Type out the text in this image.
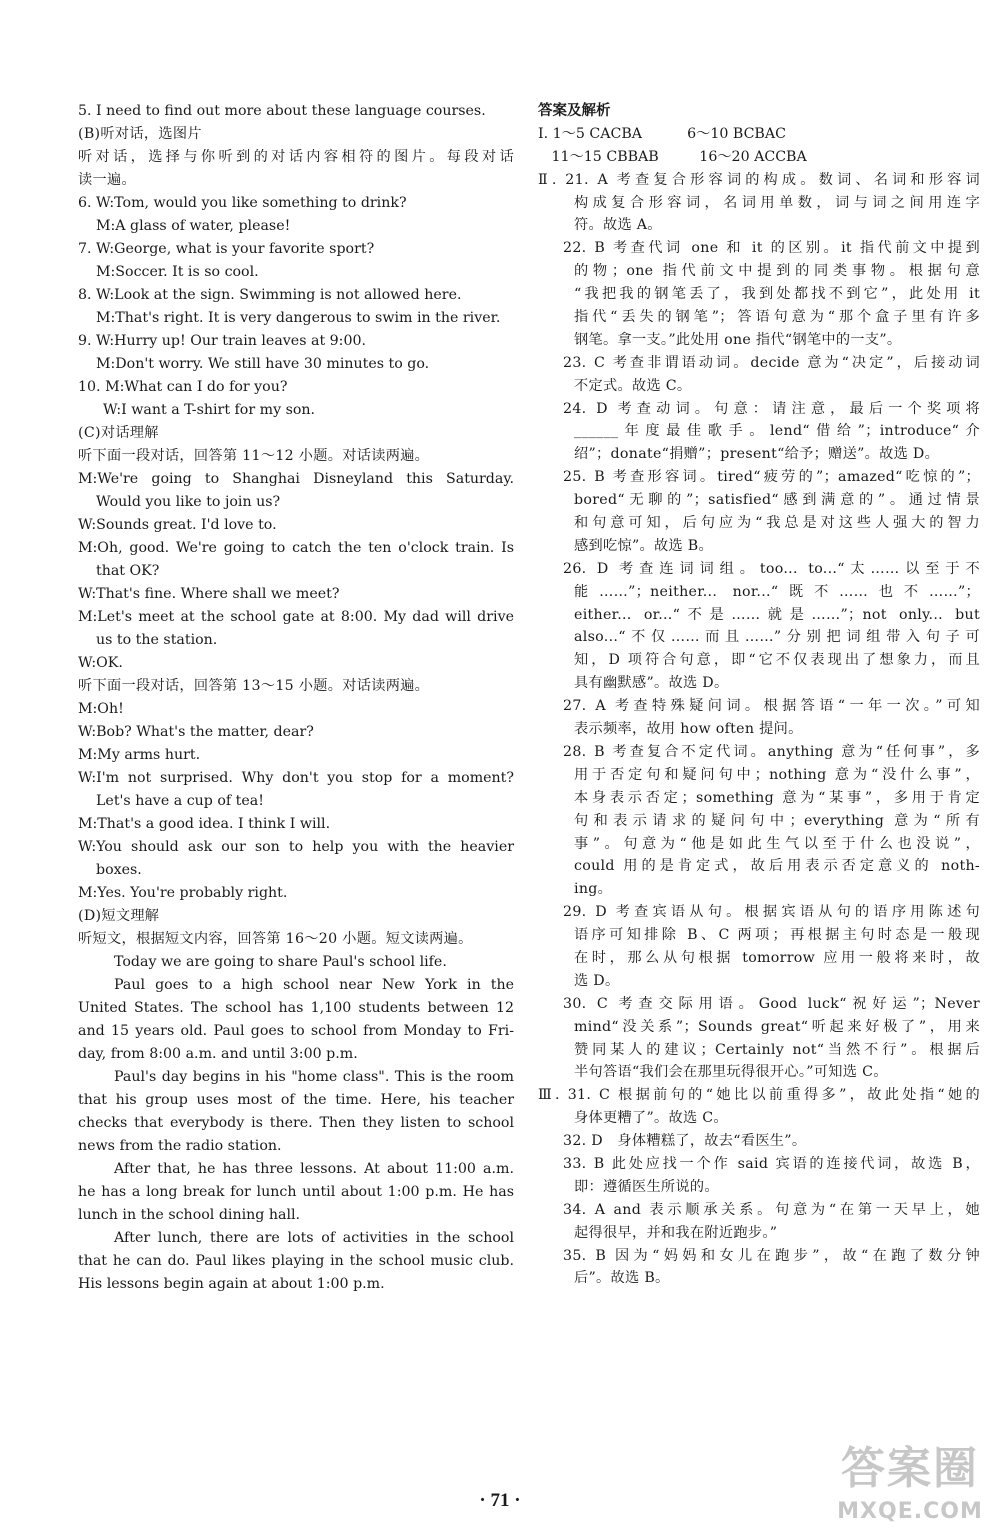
5. I need to find out more about these language courses.
(B)听对话，选图片
听对话，选择与你听到的对话内容相符的图片。每段对话
读一遍。
6. W:Tom, would you like something to drink?
M:A glass of water, please!
7. W:George, what is your favorite sport?
M:Soccer. It is so cool.
8. W:Look at the sign. Swimming is not allowed here.
M:That's right. It is very dangerous to swim in the river.
9. W:Hurry up! Our train leaves at 9:00.
M:Don't worry. We still have 30 minutes to go.
10. M:What can I do for you?
W:I want a T-shirt for my son.
(C)对话理解
听下面一段对话，回答第 11～12 小题。对话读两遍。
M:We're going to Shanghai Disneyland this Saturday.
Would you like to join us?
W:Sounds great. I'd love to.
M:Oh, good. We're going to catch the ten o'clock train. Is
that OK?
W:That's fine. Where shall we meet?
M:Let's meet at the school gate at 8:00. My dad will drive
us to the station.
W:OK.
听下面一段对话，回答第 13～15 小题。对话读两遍。
M:Oh!
W:Bob? What's the matter, dear?
M:My arms hurt.
W:I'm not surprised. Why don't you stop for a moment?
Let's have a cup of tea!
M:That's a good idea. I think I will.
W:You should ask our son to help you with the heavier
boxes.
M:Yes. You're probably right.
(D)短文理解
听短文，根据短文内容，回答第 16～20 小题。短文读两遍。
Today we are going to share Paul's school life.
Paul goes to a high school near New York in the
United States. The school has 1,100 students between 12
and 15 years old. Paul goes to school from Monday to Fri-
day, from 8:00 a.m. and until 3:00 p.m.
Paul's day begins in his "home class". This is the room
that his group uses most of the time. Here, his teacher
checks that everybody is there. Then they listen to school
news from the radio station.
After that, he has three lessons. At about 11:00 a.m.
he has a long break for lunch until about 1:00 p.m. He has
lunch in the school dining hall.
After lunch, there are lots of activities in the school
that he can do. Paul likes playing in the school music club.
His lessons begin again at about 1:00 p.m.
答案及解析
Ⅰ. 1～5 CACBA          6～10 BCBAC
11～15 CBBAB         16～20 ACCBA
Ⅱ. 21. A 考查复合形容词的构成。数词、名词和形容词
构成复合形容词，名词用单数，词与词之间用连字
符。故选 A。
22. B 考查代词 one 和 it 的区别。it 指代前文中提到
的物；one 指代前文中提到的同类事物。根据句意
“我把我的钢笔丢了，我到处都找不到它”，此处用 it
指代“丢失的钢笔”；答语句意为“那个盒子里有许多
钢笔。拿一支。”此处用 one 指代“钢笔中的一支”。
23. C 考查非谓语动词。decide 意为“决定”，后接动词
不定式。故选 C。
24. D 考查动词。句意：请注意，最后一个奖项将
______年度最佳歌手。lend“借给”；introduce“介
绍”；donate“捐赠”；present“给予；赠送”。故选 D。
25. B 考查形容词。tired“疲劳的”；amazed“吃惊的”；
bored“无聊的”；satisfied“感到满意的”。通过情景
和句意可知，后句应为“我总是对这些人强大的智力
感到吃惊”。故选 B。
26. D 考查连词词组。too... to...“太……以至于不
能……”；neither... nor...“既不……也不……”；
either... or...“不是……就是……”；not only... but
also...“不仅……而且……”分别把词组带入句子可
知，D 项符合句意，即“它不仅表现出了想象力，而且
具有幽默感”。故选 D。
27. A 考查特殊疑问词。根据答语“一年一次。”可知
表示频率，故用 how often 提问。
28. B 考查复合不定代词。anything 意为“任何事”，多
用于否定句和疑问句中；nothing 意为“没什么事”，
本身表示否定；something 意为“某事”，多用于肯定
句和表示请求的疑问句中；everything 意为“所有
事”。句意为“他是如此生气以至于什么也没说”，
could 用的是肯定式，故后用表示否定意义的 noth-
ing。
29. D 考查宾语从句。根据宾语从句的语序用陈述句
语序可知排除 B、C 两项；再根据主句时态是一般现
在时，那么从句根据 tomorrow 应用一般将来时，故
选 D。
30. C 考查交际用语。Good luck“祝好运”；Never
mind“没关系”；Sounds great“听起来好极了”，用来
赞同某人的建议；Certainly not“当然不行”。根据后
半句答语“我们会在那里玩得很开心。”可知选 C。
Ⅲ. 31. C 根据前句的“她比以前重得多”，故此处指“她的
身体更糟了”。故选 C。
32. D   身体糟糕了，故去“看医生”。
33. B 此处应找一个作 said 宾语的连接代词，故选 B，
即：遵循医生所说的。
34. A and 表示顺承关系。句意为“在第一天早上，她
起得很早，并和我在附近跑步。”
35. B 因为“妈妈和女儿在跑步”，故“在跑了数分钟
后”。故选 B。
· 71 ·
答案圈
MXQE.COM
